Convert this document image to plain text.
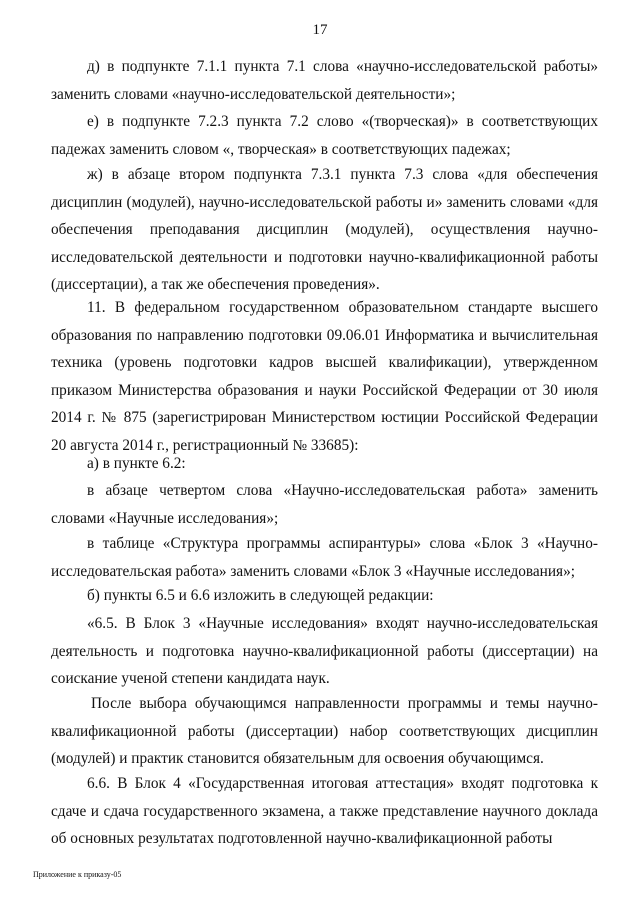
17

д) в подпункте 7.1.1 пункта 7.1 слова «научно-исследовательской работы» заменить словами «научно-исследовательской деятельности»;

е) в подпункте 7.2.3 пункта 7.2 слово «(творческая)» в соответствующих падежах заменить словом «, творческая» в соответствующих падежах;

ж) в абзаце втором подпункта 7.3.1 пункта 7.3 слова «для обеспечения дисциплин (модулей), научно-исследовательской работы и» заменить словами «для обеспечения преподавания дисциплин (модулей), осуществления научно-исследовательской деятельности и подготовки научно-квалификационной работы (диссертации), а так же обеспечения проведения».

11. В федеральном государственном образовательном стандарте высшего образования по направлению подготовки 09.06.01 Информатика и вычислительная техника (уровень подготовки кадров высшей квалификации), утвержденном приказом Министерства образования и науки Российской Федерации от 30 июля 2014 г. № 875 (зарегистрирован Министерством юстиции Российской Федерации 20 августа 2014 г., регистрационный № 33685):

а) в пункте 6.2:

в абзаце четвертом слова «Научно-исследовательская работа» заменить словами «Научные исследования»;

в таблице «Структура программы аспирантуры» слова «Блок 3 «Научно-исследовательская работа» заменить словами «Блок 3 «Научные исследования»;

б) пункты 6.5 и 6.6 изложить в следующей редакции:

«6.5. В Блок 3 «Научные исследования» входят научно-исследовательская деятельность и подготовка научно-квалификационной работы (диссертации) на соискание ученой степени кандидата наук.

После выбора обучающимся направленности программы и темы научно-квалификационной работы (диссертации) набор соответствующих дисциплин (модулей) и практик становится обязательным для освоения обучающимся.

6.6. В Блок 4 «Государственная итоговая аттестация» входят подготовка к сдаче и сдача государственного экзамена, а также представление научного доклада об основных результатах подготовленной научно-квалификационной работы

Приложение к приказу-05
